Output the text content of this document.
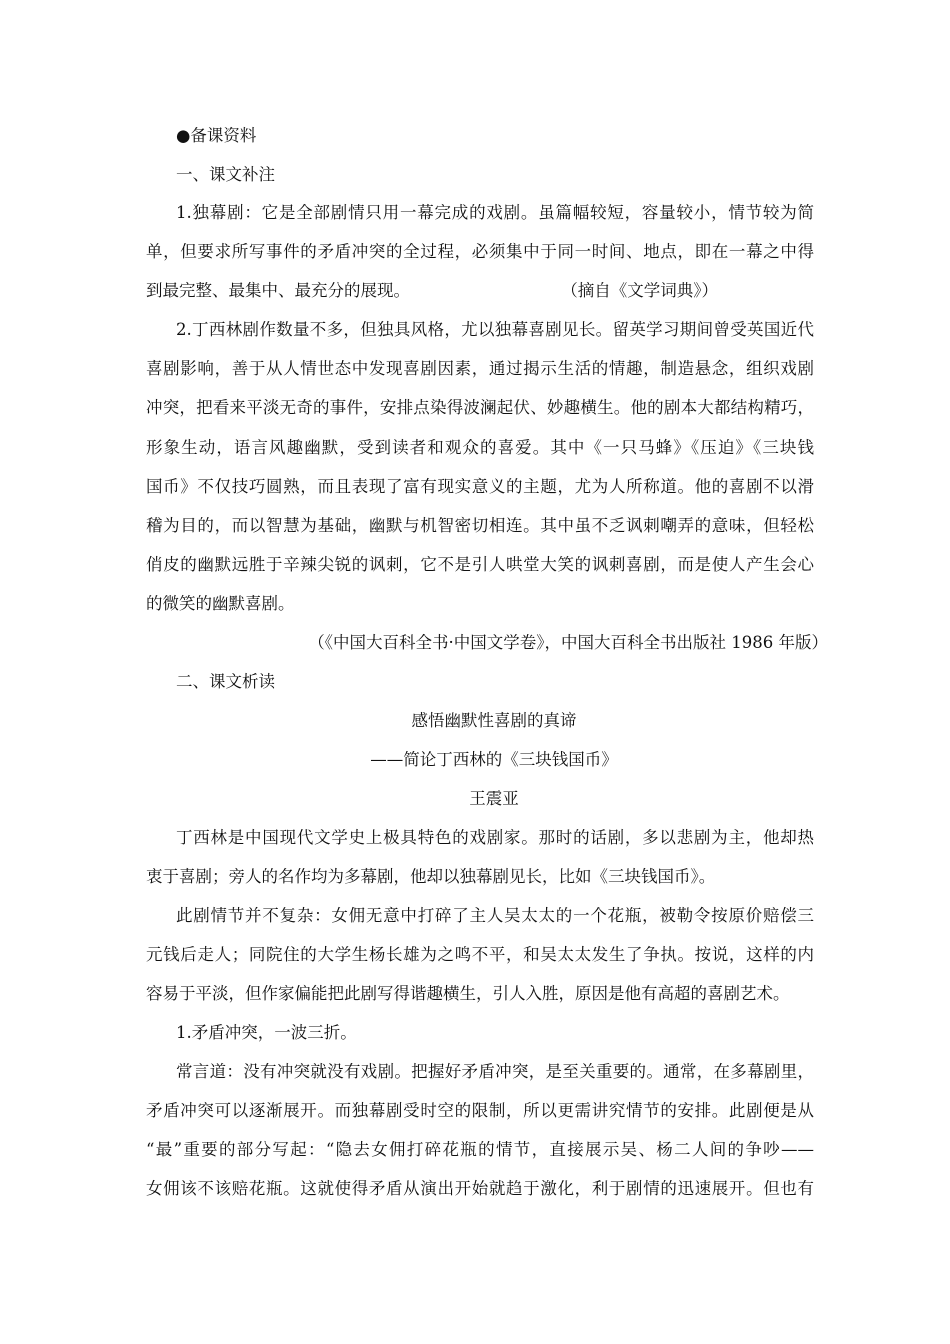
●备课资料
一、课文补注
1.独幕剧：它是全部剧情只用一幕完成的戏剧。虽篇幅较短，容量较小，情节较为简
单，但要求所写事件的矛盾冲突的全过程，必须集中于同一时间、地点，即在一幕之中得
到最完整、最集中、最充分的展现。	（摘自《文学词典》）
2.丁西林剧作数量不多，但独具风格，尤以独幕喜剧见长。留英学习期间曾受英国近代
喜剧影响，善于从人情世态中发现喜剧因素，通过揭示生活的情趣，制造悬念，组织戏剧
冲突，把看来平淡无奇的事件，安排点染得波澜起伏、妙趣横生。他的剧本大都结构精巧，
形象生动，语言风趣幽默，受到读者和观众的喜爱。其中《一只马蜂》《压迫》《三块钱
国币》不仅技巧圆熟，而且表现了富有现实意义的主题，尤为人所称道。他的喜剧不以滑
稽为目的，而以智慧为基础，幽默与机智密切相连。其中虽不乏讽刺嘲弄的意味，但轻松
俏皮的幽默远胜于辛辣尖锐的讽刺，它不是引人哄堂大笑的讽刺喜剧，而是使人产生会心
的微笑的幽默喜剧。
（《中国大百科全书·中国文学卷》，中国大百科全书出版社 1986 年版）
二、课文析读
感悟幽默性喜剧的真谛
——简论丁西林的《三块钱国币》
王震亚
丁西林是中国现代文学史上极具特色的戏剧家。那时的话剧，多以悲剧为主，他却热
衷于喜剧；旁人的名作均为多幕剧，他却以独幕剧见长，比如《三块钱国币》。
此剧情节并不复杂：女佣无意中打碎了主人吴太太的一个花瓶，被勒令按原价赔偿三
元钱后走人；同院住的大学生杨长雄为之鸣不平，和吴太太发生了争执。按说，这样的内
容易于平淡，但作家偏能把此剧写得谐趣横生，引人入胜，原因是他有高超的喜剧艺术。
1.矛盾冲突，一波三折。
常言道：没有冲突就没有戏剧。把握好矛盾冲突，是至关重要的。通常，在多幕剧里，
矛盾冲突可以逐渐展开。而独幕剧受时空的限制，所以更需讲究情节的安排。此剧便是从
“最”重要的部分写起：“隐去女佣打碎花瓶的情节，直接展示吴、杨二人间的争吵——
女佣该不该赔花瓶。这就使得矛盾从演出开始就趋于激化，利于剧情的迅速展开。但也有
